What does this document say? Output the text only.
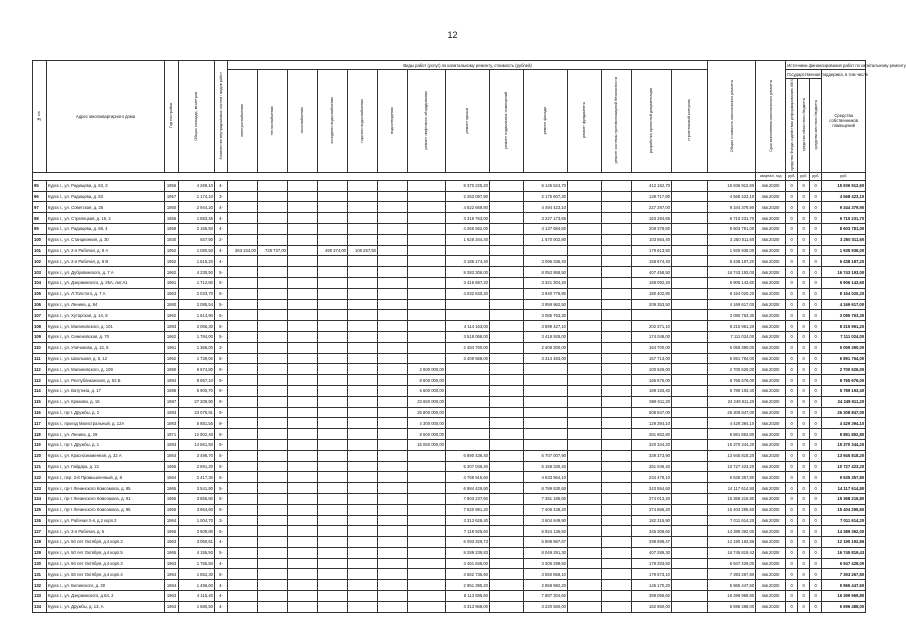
12
№ п/п	Адрес многоквартирного дома	Год постройки	Общая площадь, кв.метров	Количество внутридомовых систем / видов работ	Виды работ (услуг) по капитальному ремонту, стоимость (рублей)														Общая стоимость капитального ремонта	Срок выполнения капитального ремонта	Источники финансирования работ по капитальному ремонту			
					электроснабжения	теплоснабжения	газоснабжения	холодного водоснабжения	горячего водоснабжения	водоотведения	ремонт лифтового оборудования	ремонт крыши	ремонт подвальных помещений	ремонт фасада	ремонт фундамента	ремонт системы противопожарной безопасности	разработка проектной документации	строительный контроль			Государственная поддержка, в том числе			Средства собственников помещений
																					средства Фонда содействия реформированию ЖКХ	средства областного бюджета	средства местного бюджета	
																				квартал, год	руб.	руб.	руб.	руб.
95	Курск г., ул. Радищева, д. 63, 3	1956	4 269,10	4-								8 370 225,20		6 145 524,70			412 162,70		15 936 912,60	4кв.2020г	0	0	0	15 936 912,60
96	Курск г., ул. Радищева, д. 83	1957	1 174,10	3-								2 253 097,90		2 175 607,30			139 717,90		4 568 423,10	4кв.2020г	0	0	0	4 568 423,10
97	Курск г., ул. Советская, д. 25	1960	2 944,20	4-								4 622 669,80		4 494 423,10			227 297,00		9 344 379,90	4кв.2020г	0	0	0	9 344 379,90
98	Курск г., ул. Стрелецкая, д. 16, 2	1956	1 683,45	4-								3 319 763,00		3 227 173,65			163 294,65		6 710 231,70	4кв.2020г	0	0	0	6 710 231,70
99	Курск г., ул. Радищева, д. 68, 4	1958	2 156,50	4-								4 266 562,00		4 137 684,50			209 378,50		8 603 781,00	4кв.2020г	0	0	0	8 603 781,00
100	Курск г., ул. Станционная, д. 30	1930	847,80	2-								1 626 344,40		1 570 002,80			103 664,40		3 250 011,60	4кв.2020г	0	0	0	3 250 011,60
101	Курск г., ул. 2-я Рабочая, д. 8 А	1952	1 080,50	4-	363 154,00	729 737,00		490 374,00	100 257,50								179 613,50		1 935 936,00	4кв.2020г	0	0	0	1 935 936,00
102	Курск г., ул. 2-я Рабочая, д. 8 В	1952	1 615,20	4-								3 185 174,40		3 095 336,40			158 674,40		6 438 187,20	4кв.2020г	0	0	0	6 438 187,20
103	Курск г., ул. Дубровинского, д. 7 А	1962	4 230,50	5-								8 383 306,00		8 052 958,50			407 458,50		16 743 193,00	4кв.2020г	0	0	0	16 743 193,00
104	Курск г., ул. Дзержинского, д. 26А, лит.А1	1961	1 712,60	5-								3 416 687,20		3 321 304,20			168 092,20		6 906 143,60	4кв.2020г	0	0	0	6 906 143,60
105	Курск г., ул. Л.Толстого, д. 7 А	1963	2 033,70	5-								4 032 840,40		3 940 776,90			180 402,90		8 154 020,20	4кв.2020г	0	0	0	8 154 020,20
106	Курск г., ул. Ленина, д. 84	1980	2 085,54	5-										3 959 962,50			209 353,50		4 169 617,00	4кв.2020г	0	0	0	4 169 617,00
107	Курск г., ул. Хуторская, д. 14, 8	1962	1 614,90	5-										3 085 763,30					3 085 763,30	4кв.2020г	0	0	0	3 085 763,30
108	Курск г., ул. Малиновского, д. 101	1983	2 066,30	5-								4 114 163,00		3 899 427,10			202 371,10		8 215 961,20	4кв.2020г	0	0	0	8 215 961,20
109	Курск г., ул. Семеновская, д. 70	1962	1 784,00	5-								3 518 068,00		3 418 928,00			174 048,00		7 111 024,00	4кв.2020г	0	0	0	7 111 024,00
110	Курск г., ул. Уличанова, д. 13, 6	1961	1 366,00	3-								2 484 760,00		2 408 300,00			164 700,00		5 059 390,00	4кв.2020г	0	0	0	5 059 390,00
111	Курск г., ул. Школьная, д. 5, 12	1962	1 739,00	5-								3 409 568,00		3 314 483,00			167 713,00		6 891 764,00	4кв.2020г	0	0	0	6 891 764,00
112	Курск г., ул. Малиновского, д. 109	1990	6 674,80	9-							2 600 000,00						100 626,00		2 700 626,00	4кв.2020г	0	0	0	2 700 626,00
113	Курск г., ул. Республиканская, д. 52 Б	1994	8 667,10	9-							8 600 000,00						165 676,00		8 765 676,00	4кв.2020г	0	0	0	8 765 676,00
114	Курск г., ул. Ватутина, д. 17	1986	5 900,70	9-							5 600 000,00						189 193,40		5 789 193,40	4кв.2020г	0	0	0	5 789 193,40
115	Курск г., ул. Крюкова, д. 16	1987	27 209,90	9-							23 650 000,00						598 611,20		24 248 611,20	4кв.2020г	0	0	0	24 248 611,20
116	Курск г., пр-т. Дружбы, д. 2	1983	23 076,91	9-							25 800 000,00						508 847,00		26 308 847,00	4кв.2020г	0	0	0	26 308 847,00
117	Курск г., проезд Магистральный, д. 12А	1983	5 881,55	9-							4 300 000,00						129 394,10		4 429 394,10	4кв.2020г	0	0	0	4 429 394,10
118	Курск г., ул. Ленина, д. 29	1971	12 902,40	9-							8 600 000,00						281 852,80		8 881 852,80	4кв.2020г	0	0	0	8 881 852,80
119	Курск г., пр-т. Дружбы, д. 1	1983	14 561,50	9-							15 050 000,00						320 344,20		15 370 344,20	4кв.2020г	0	0	0	15 370 344,20
120	Курск г., ул. Краснознаменная, д. 32 А	1954	3 498,70	5-								6 890 436,40		6 707 007,90			339 373,90		13 945 818,20	4кв.2020г	0	0	0	13 945 818,20
121	Курск г., ул. Гайдара, д. 21	1965	2 691,20	5-								5 307 046,40		5 159 330,40			261 046,40		10 727 423,20	4кв.2020г	0	0	0	10 727 423,20
122	Курск г., пер. 3-й Промышленный, д. 8	1964	2 417,30	5-								4 766 915,60		4 633 964,10			234 478,10		9 635 357,80	4кв.2020г	0	0	0	9 635 357,80
123	Курск г., пр-т Ленинского Комсомола, д. 85	1965	3 541,80	5-								6 984 429,60		6 789 630,60			343 554,60		14 117 614,80	4кв.2020г	0	0	0	14 117 614,80
124	Курск г., пр-т Ленинского Комсомола, д. 91	1965	3 855,60	5-								7 603 237,60		7 391 185,60			374 013,20		15 368 216,80	4кв.2020г	0	0	0	15 368 216,80
125	Курск г., пр-т Ленинского Комсомола, д. 95	1965	3 864,60	5-								7 620 991,20		7 408 438,20			374 866,20		15 404 295,60	4кв.2020г	0	0	0	15 404 295,60
126	Курск г., ул. Рабочая 2-я, д.2 корп.2	1964	1 004,70	3-								3 313 628,40		3 604 649,90			182 315,90		7 011 614,20	4кв.2020г	0	0	0	7 011 614,20
127	Курск г., ул. 3-я Рабочая, д. 5	1965	3 609,80	5-								7 118 925,60		6 924 136,50			345 308,60		14 389 362,00	4кв.2020г	0	0	0	14 389 362,00
128	Курск г., ул. 50 лет Октября, д.4 корп.2	1963	3 060,61	4-								6 093 329,73		5 888 867,67			298 698,47		12 190 192,86	4кв.2020г	0	0	0	12 190 192,86
129	Курск г., ул. 50 лет Октября, д.4 корп.5	1965	4 156,50	5-								8 289 239,83		8 049 291,30			407 289,30		16 745 819,43	4кв.2020г	0	0	0	16 745 819,43
130	Курск г., ул. 50 лет Октября, д.4 корп.3	1963	1 756,50	4-								3 461 846,00		3 306 298,50			179 283,50		6 947 428,00	4кв.2020г	0	0	0	6 947 428,00
131	Курск г., ул. 50 лет Октября, д.4 корп.4	1964	1 852,30	5-								3 662 735,60		3 550 858,10			179 673,10		7 393 267,80	4кв.2020г	0	0	0	7 393 267,80
132	Курск г., ул. Белинского, д. 30	1964	1 496,60	4-								2 951 395,20		2 868 982,20			145 170,20		5 965 447,60	4кв.2020г	0	0	0	5 965 447,60
133	Курск г., ул. Дзержинского, д.64, 2	1963	4 115,40	4-								8 113 596,60		7 887 304,60			399 068,60		16 399 969,80	4кв.2020г	0	0	0	16 399 969,80
134	Курск г., ул. Дружбы, д. 13, А	1963	1 680,50	4-								3 313 968,00		3 220 560,00			162 960,00		6 696 488,00	4кв.2020г	0	0	0	6 696 488,00
